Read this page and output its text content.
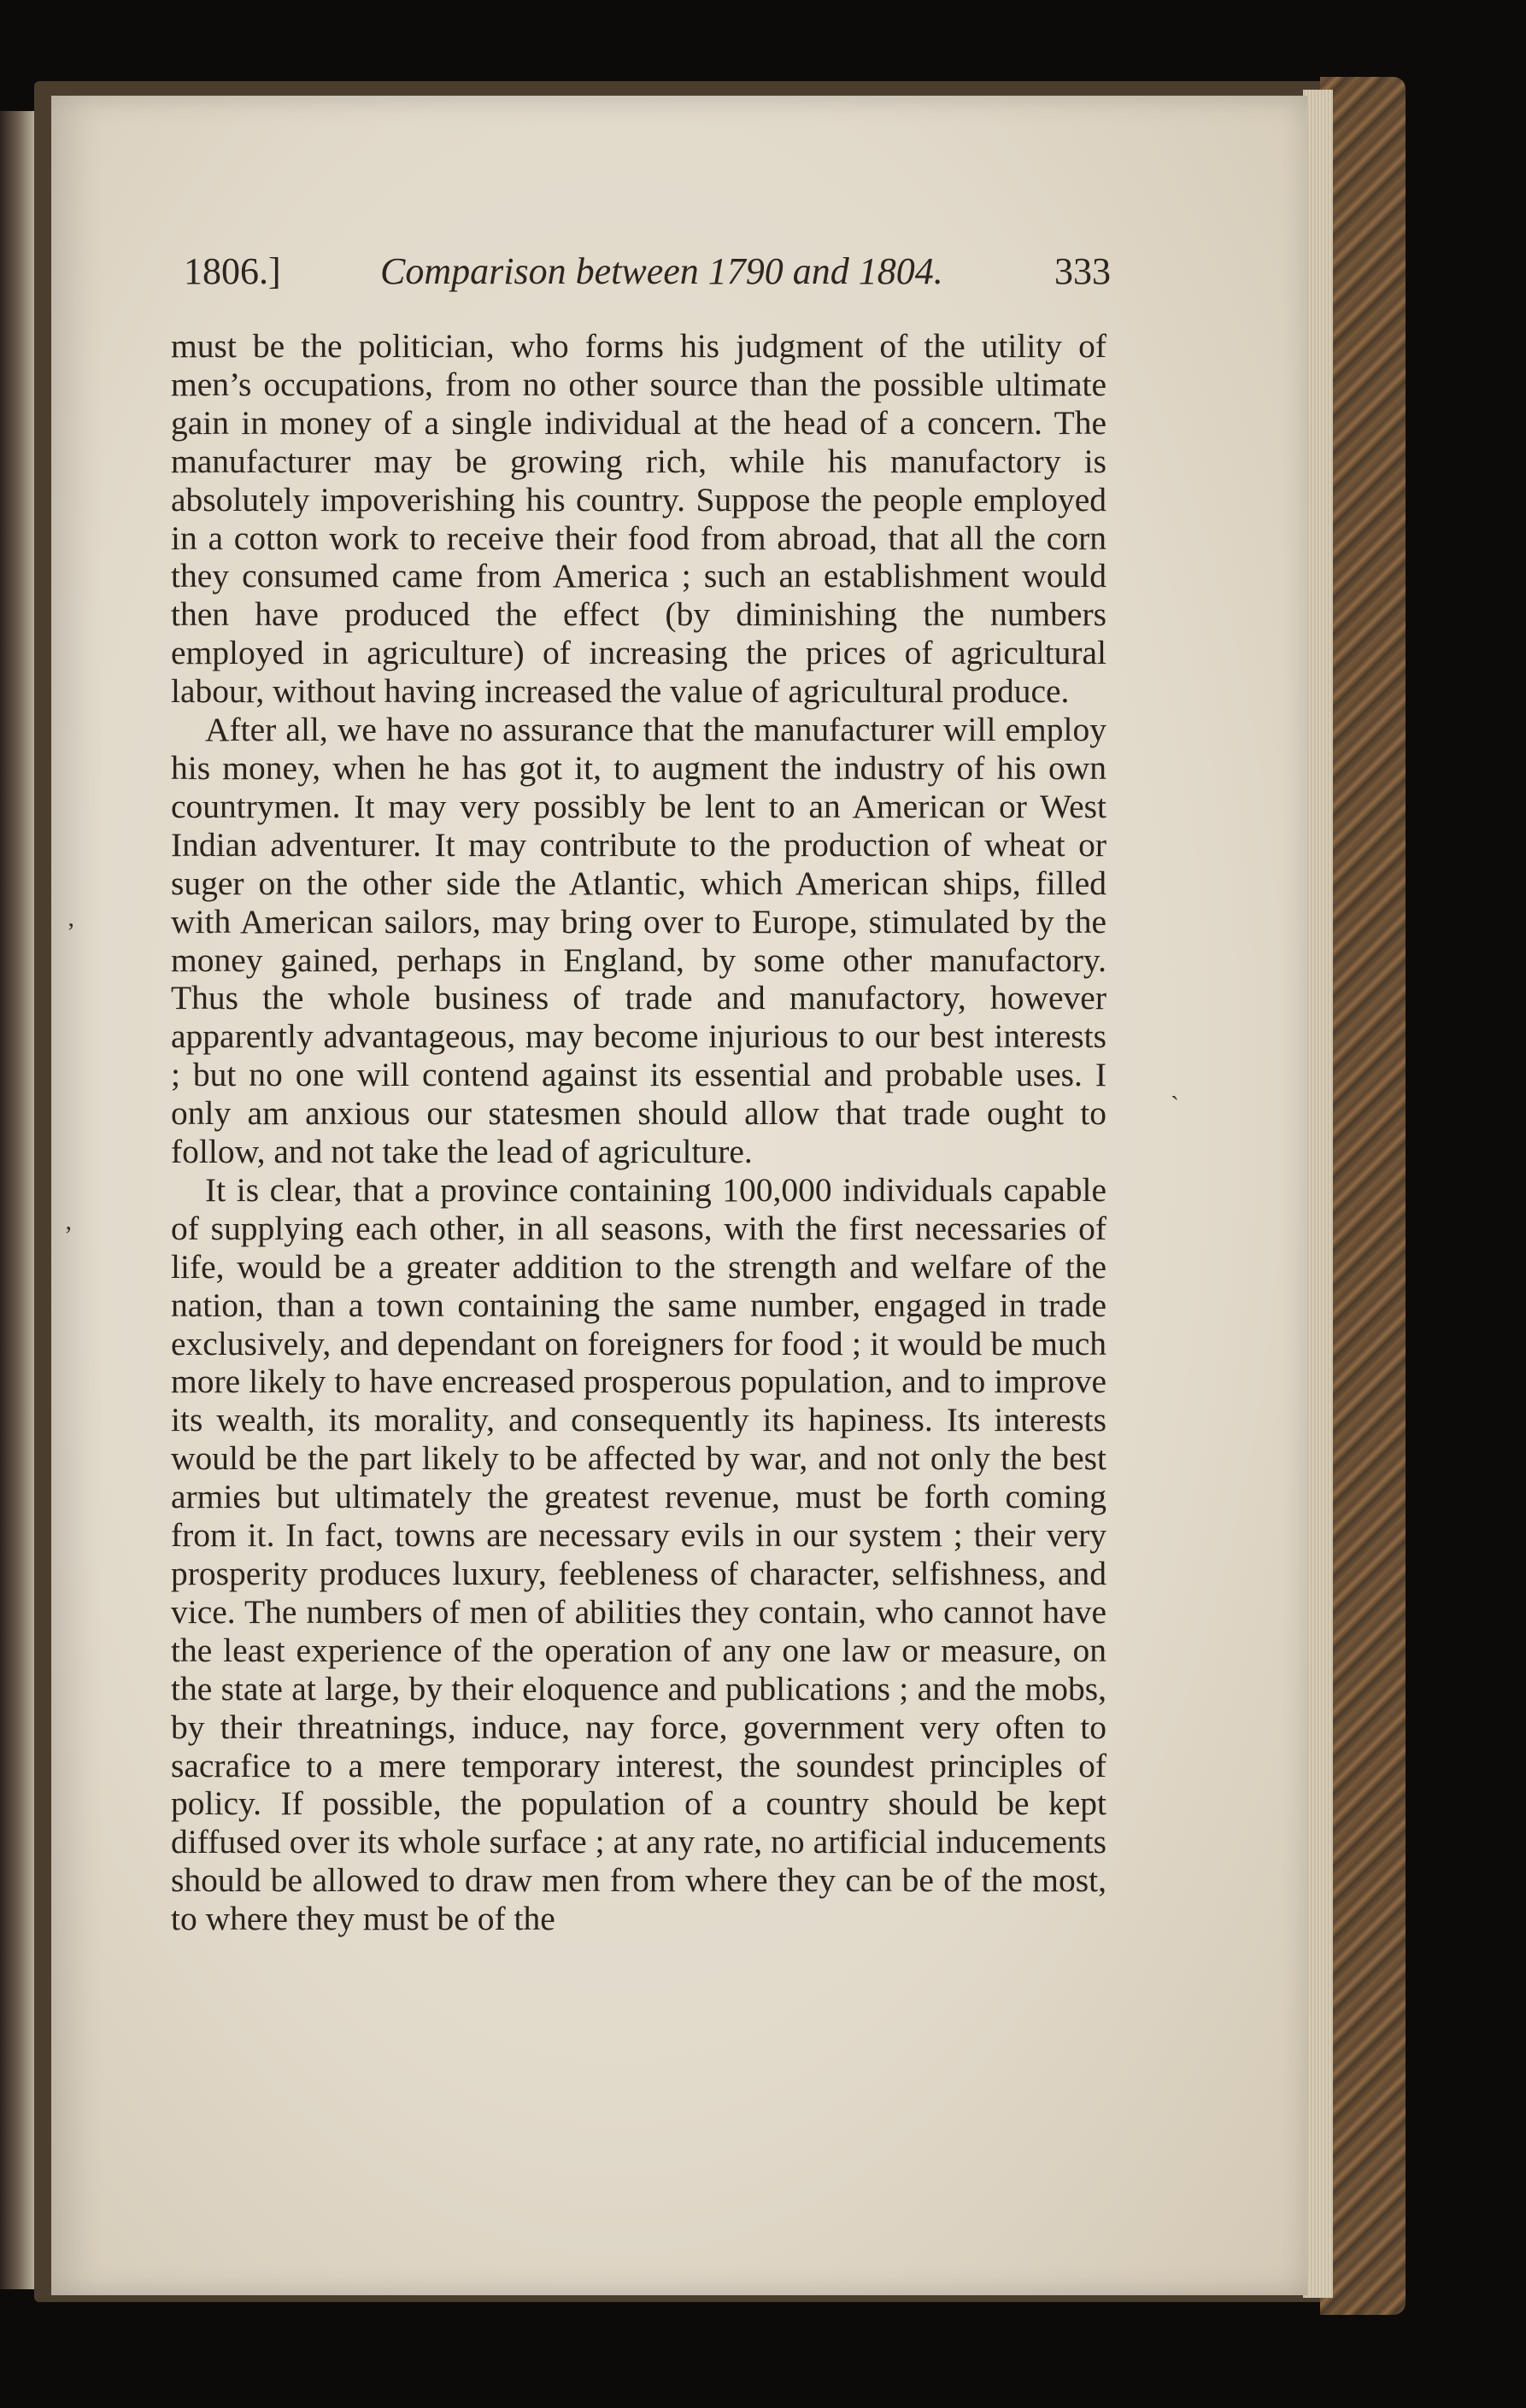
1806.]	Comparison between 1790 and 1804.	333

must be the politician, who forms his judgment of the utility of men’s occupations, from no other source than the possible ultimate gain in money of a single individual at the head of a concern. The manufacturer may be growing rich, while his manufactory is absolutely impoverishing his country. Suppose the people employed in a cotton work to receive their food from abroad, that all the corn they consumed came from America ; such an establishment would then have produced the effect (by diminishing the numbers employed in agriculture) of increasing the prices of agricultural labour, without having increased the value of agricultural produce.

After all, we have no assurance that the manufacturer will employ his money, when he has got it, to augment the industry of his own countrymen. It may very possibly be lent to an American or West Indian adventurer. It may contribute to the production of wheat or suger on the other side the Atlantic, which American ships, filled with American sailors, may bring over to Europe, stimulated by the money gained, perhaps in England, by some other manufactory. Thus the whole business of trade and manufactory, however apparently advantageous, may become injurious to our best interests ; but no one will contend against its essential and probable uses. I only am anxious our statesmen should allow that trade ought to follow, and not take the lead of agriculture.

It is clear, that a province containing 100,000 individuals capable of supplying each other, in all seasons, with the first necessaries of life, would be a greater addition to the strength and welfare of the nation, than a town containing the same number, engaged in trade exclusively, and dependant on foreigners for food ; it would be much more likely to have encreased prosperous population, and to improve its wealth, its morality, and consequently its hapiness. Its interests would be the part likely to be affected by war, and not only the best armies but ultimately the greatest revenue, must be forth coming from it. In fact, towns are necessary evils in our system ; their very prosperity produces luxury, feebleness of character, selfishness, and vice. The numbers of men of abilities they contain, who cannot have the least experience of the operation of any one law or measure, on the state at large, by their eloquence and publications ; and the mobs, by their threatnings, induce, nay force, government very often to sacrafice to a mere temporary interest, the soundest principles of policy. If possible, the population of a country should be kept diffused over its whole surface ; at any rate, no artificial inducements should be allowed to draw men from where they can be of the most, to where they must be of the

ʼ
ʼ
ˏ
